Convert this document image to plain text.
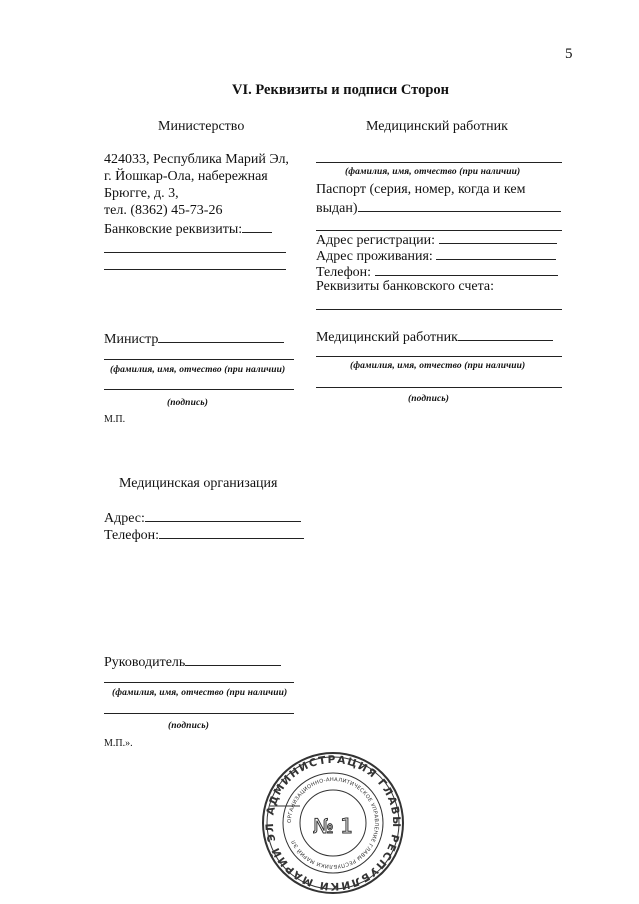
5
VI. Реквизиты и подписи Сторон
Министерство
424033, Республика Марий Эл,
г. Йошкар-Ола, набережная
Брюгге, д. 3,
тел. (8362) 45-73-26
Банковские реквизиты:
Министр
(фамилия, имя, отчество (при наличии)
(подпись)
М.П.
Медицинский работник
(фамилия, имя, отчество (при наличии)
Паспорт (серия, номер, когда и кем
выдан)
Адрес регистрации:
Адрес проживания:
Телефон:
Реквизиты банковского счета:
Медицинский работник
(фамилия, имя, отчество (при наличии)
(подпись)
Медицинская организация
Адрес:
Телефон:
Руководитель
(фамилия, имя, отчество (при наличии)
(подпись)
М.П.».
АДМИНИСТРАЦИЯ ГЛАВЫ РЕСПУБЛИКИ МАРИЙ ЭЛ
ОРГАНИЗАЦИОННО-АНАЛИТИЧЕСКОЕ УПРАВЛЕНИЕ ГЛАВЫ РЕСПУБЛИКИ МАРИЙ ЭЛ
№ 1
